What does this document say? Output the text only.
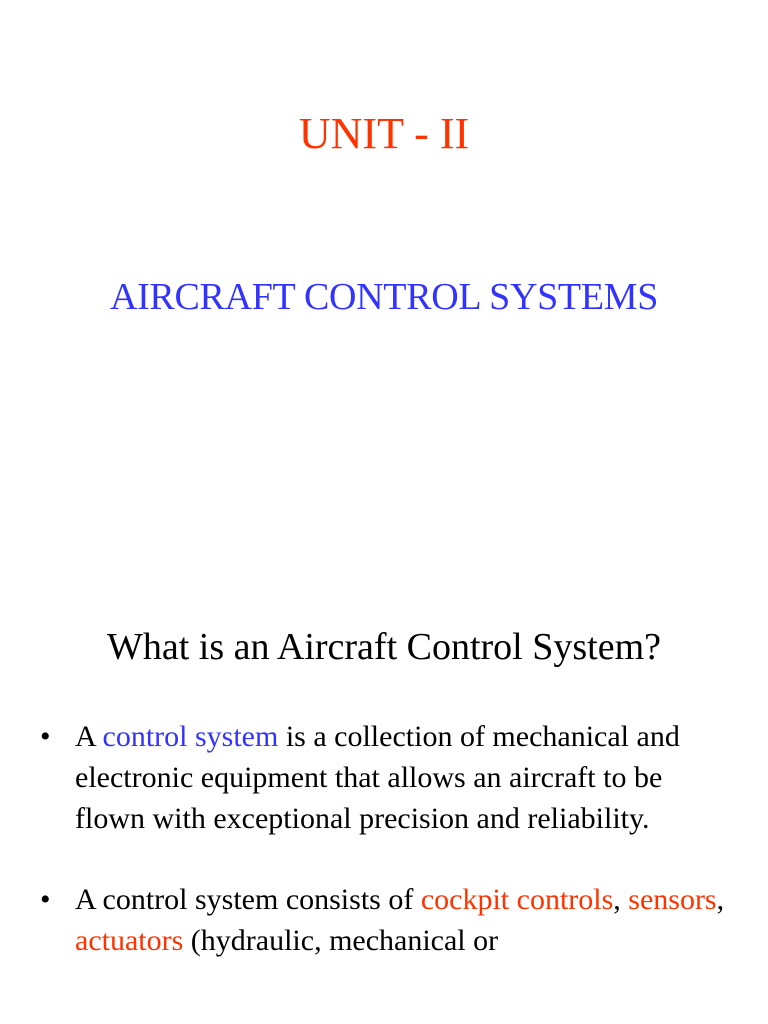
UNIT - II
AIRCRAFT CONTROL SYSTEMS
What is an Aircraft Control System?
• A control system is a collection of mechanical and electronic equipment that allows an aircraft to be flown with exceptional precision and reliability.
• A control system consists of cockpit controls, sensors, actuators (hydraulic, mechanical or
